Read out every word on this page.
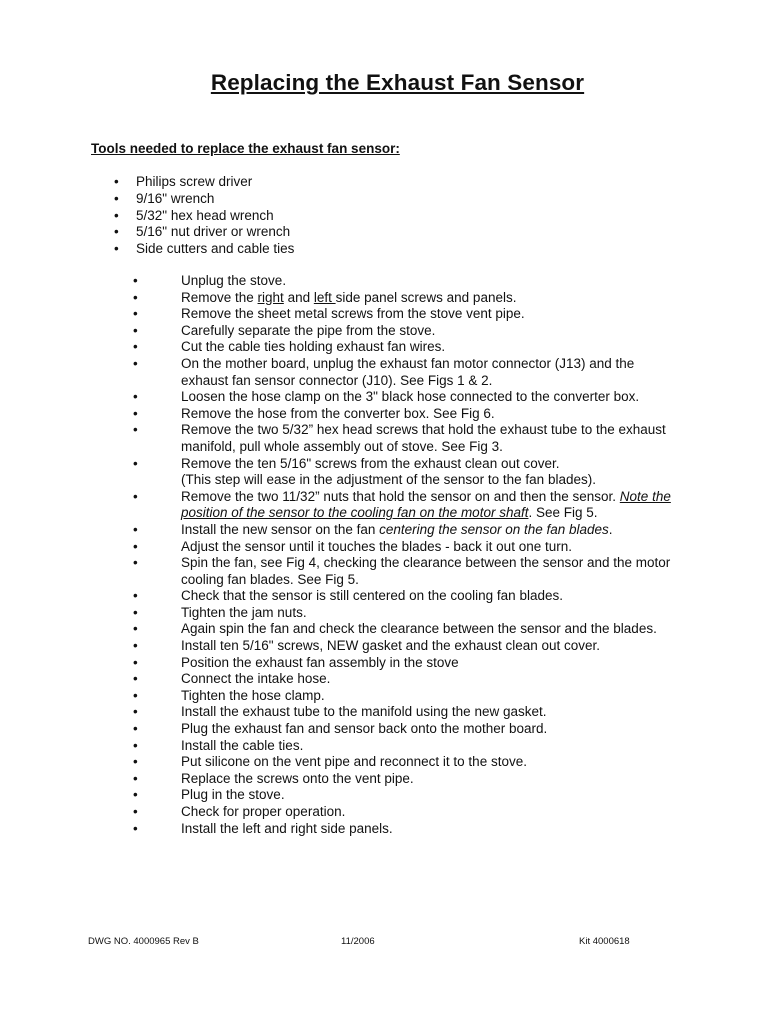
Replacing the Exhaust Fan Sensor
Tools needed to replace the exhaust fan sensor:
• Philips screw driver
• 9/16" wrench
• 5/32" hex head wrench
• 5/16" nut driver or wrench
• Side cutters and cable ties
•	Unplug the stove.
•	Remove the right and left side panel screws and panels.
•	Remove the sheet metal screws from the stove vent pipe.
•	Carefully separate the pipe from the stove.
•	Cut the cable ties holding exhaust fan wires.
•	On the mother board, unplug the exhaust fan motor connector (J13) and the
exhaust fan sensor connector (J10). See Figs 1 & 2.
•	Loosen the hose clamp on the 3" black hose connected to the converter box.
•	Remove the hose from the converter box. See Fig 6.
•	Remove the two 5/32” hex head screws that hold the exhaust tube to the exhaust
manifold, pull whole assembly out of stove. See Fig 3.
•	Remove the ten 5/16" screws from the exhaust clean out cover.
(This step will ease in the adjustment of the sensor to the fan blades).
•	Remove the two 11/32” nuts that hold the sensor on and then the sensor. Note the
position of the sensor to the cooling fan on the motor shaft. See Fig 5.
•	Install the new sensor on the fan centering the sensor on the fan blades.
•	Adjust the sensor until it touches the blades - back it out one turn.
•	Spin the fan, see Fig 4, checking the clearance between the sensor and the motor
cooling fan blades. See Fig 5.
•	Check that the sensor is still centered on the cooling fan blades.
•	Tighten the jam nuts.
•	Again spin the fan and check the clearance between the sensor and the blades.
•	Install ten 5/16" screws, NEW gasket and the exhaust clean out cover.
•	Position the exhaust fan assembly in the stove
•	Connect the intake hose.
•	Tighten the hose clamp.
•	Install the exhaust tube to the manifold using the new gasket.
•	Plug the exhaust fan and sensor back onto the mother board.
•	Install the cable ties.
•	Put silicone on the vent pipe and reconnect it to the stove.
•	Replace the screws onto the vent pipe.
•	Plug in the stove.
•	Check for proper operation.
•	Install the left and right side panels.
DWG NO. 4000965 Rev B	11/2006	Kit 4000618
